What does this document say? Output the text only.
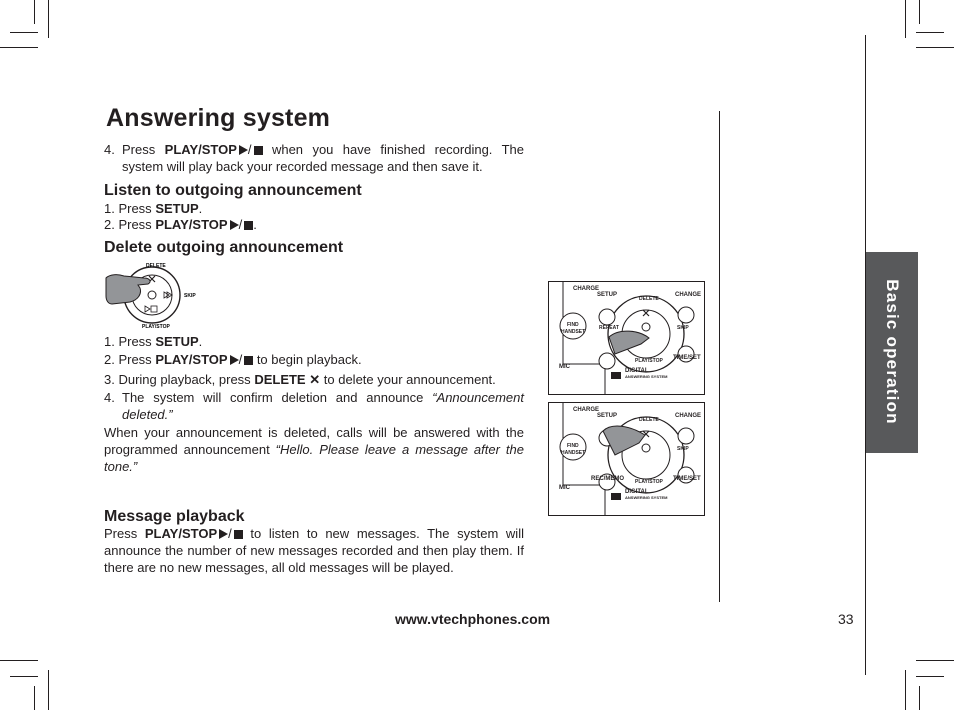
Basic operation
Answering system
4. Press PLAY/STOP / when you have finished recording. The system will play back your recorded message and then save it.
Listen to outgoing announcement
1. Press SETUP.
2. Press PLAY/STOP / .
Delete outgoing announcement
DELETE
SKIP
PLAY/STOP
1. Press SETUP.
2. Press PLAY/STOP / to begin playback.
3. During playback, press DELETE ✕ to delete your announcement.
4. The system will confirm deletion and announce “Announcement deleted.”
When your announcement is deleted, calls will be answered with the programmed announcement “Hello. Please leave a message after the tone.”
Message playback
Press PLAY/STOP / to listen to new messages. The system will announce the number of new messages recorded and then play them. If there are no new messages, all old messages will be played.
CHARGE
SETUP	CHANGE
DELETE
FIND
HANDSET
REPEAT	SKIP
PLAY/STOP TIME/SET
MIC
DIGITAL
ANSWERING SYSTEM
CHARGE
SETUP	CHANGE
DELETE
FIND
HANDSET
SKIP
REC/MEMO PLAY/STOP TIME/SET
MIC
DIGITAL
ANSWERING SYSTEM
www.vtechphones.com	33
